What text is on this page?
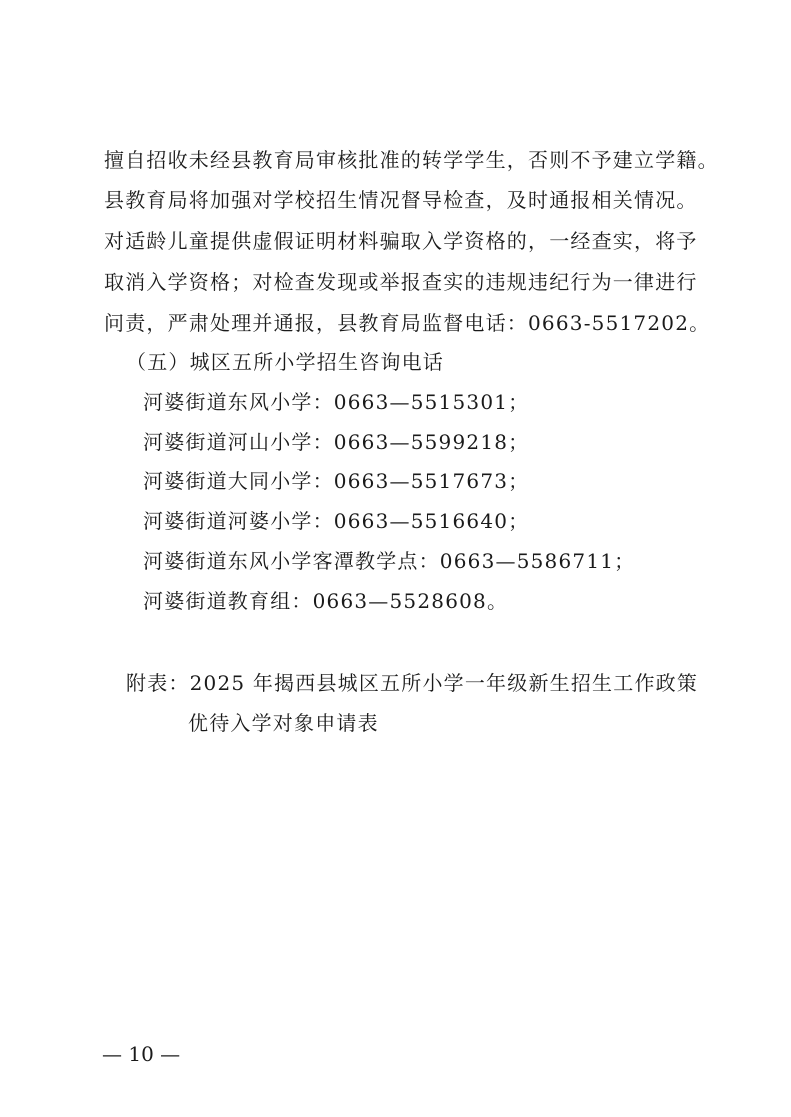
擅自招收未经县教育局审核批准的转学学生，否则不予建立学籍。
县教育局将加强对学校招生情况督导检查，及时通报相关情况。
对适龄儿童提供虚假证明材料骗取入学资格的，一经查实，将予
取消入学资格；对检查发现或举报查实的违规违纪行为一律进行
问责，严肃处理并通报，县教育局监督电话：0663-5517202。
（五）城区五所小学招生咨询电话
河婆街道东风小学：0663—5515301；
河婆街道河山小学：0663—5599218；
河婆街道大同小学：0663—5517673；
河婆街道河婆小学：0663—5516640；
河婆街道东风小学客潭教学点：0663—5586711；
河婆街道教育组：0663—5528608。
附表：2025 年揭西县城区五所小学一年级新生招生工作政策
优待入学对象申请表
— 10 —
